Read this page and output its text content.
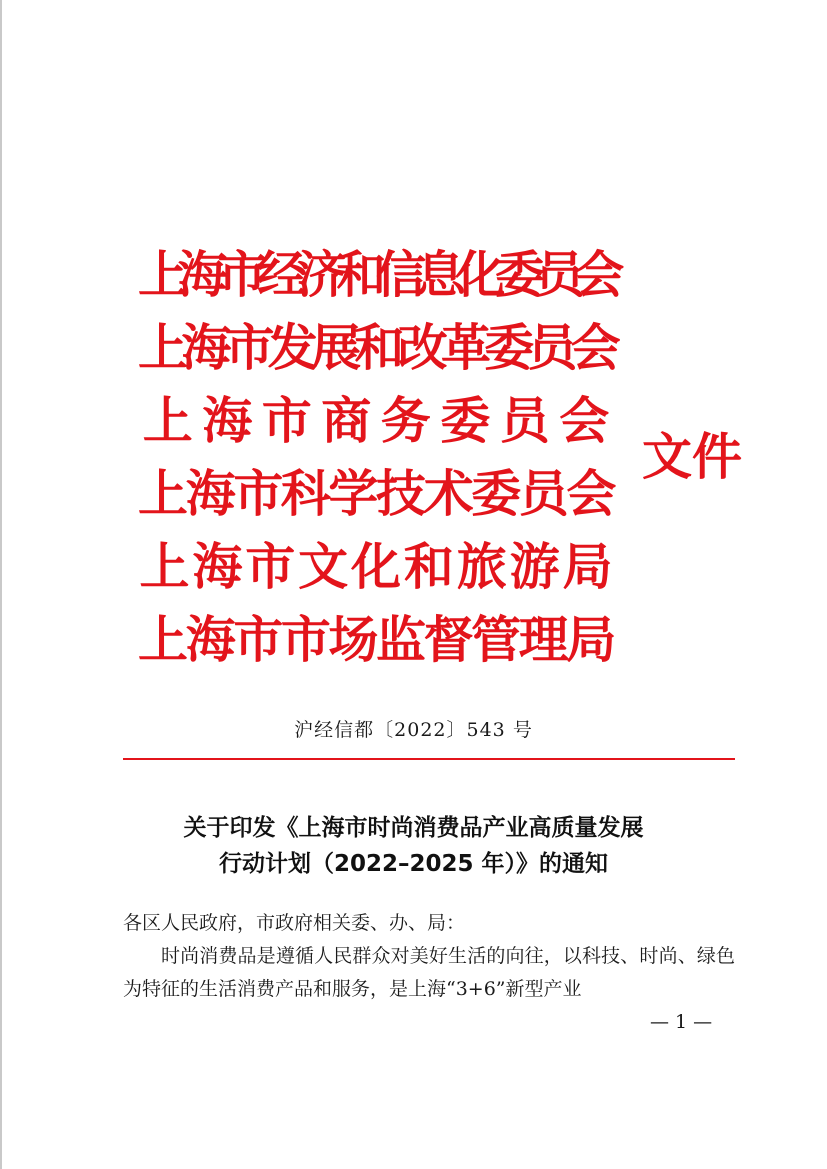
上海市经济和信息化委员会
上海市发展和改革委员会
上 海 市 商 务 委 员 会
上海市科学技术委员会
上海市文化和旅游局
上海市市场监督管理局
文件
沪经信都〔2022〕543 号
关于印发《上海市时尚消费品产业高质量发展
行动计划（2022–2025 年）》的通知

各区人民政府，市政府相关委、办、局：

时尚消费品是遵循人民群众对美好生活的向往，以科技、时尚、绿色为特征的生活消费产品和服务，是上海“3+6”新型产业

— 1 —
